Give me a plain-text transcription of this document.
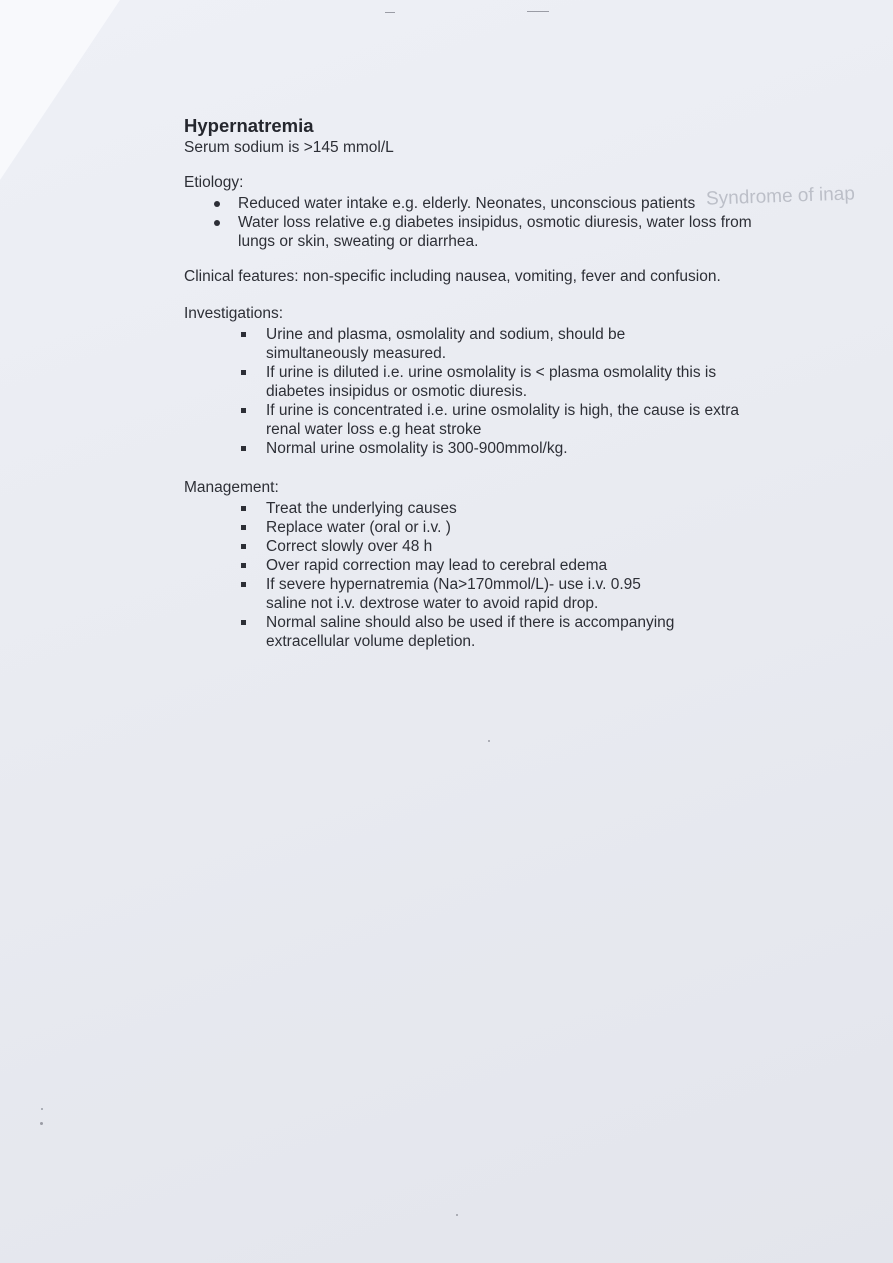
Syndrome of inap
Hypernatremia

Serum sodium is >145 mmol/L

Etiology:

Reduced water intake e.g. elderly. Neonates, unconscious patients
Water loss relative e.g diabetes insipidus, osmotic diuresis, water loss from lungs or skin, sweating or diarrhea.

Clinical features: non-specific including nausea, vomiting, fever and confusion.

Investigations:

Urine and plasma, osmolality and sodium, should be simultaneously measured.
If urine is diluted i.e. urine osmolality is < plasma osmolality this is diabetes insipidus or osmotic diuresis.
If urine is concentrated i.e. urine osmolality is high, the cause is extra renal water loss e.g heat stroke
Normal urine osmolality is 300-900mmol/kg.

Management:

Treat the underlying causes
Replace water (oral or i.v. )
Correct slowly over 48 h
Over rapid correction may lead to cerebral edema
If severe hypernatremia (Na>170mmol/L)- use i.v. 0.95 saline not i.v. dextrose water to avoid rapid drop.
Normal saline should also be used if there is accompanying extracellular volume depletion.
